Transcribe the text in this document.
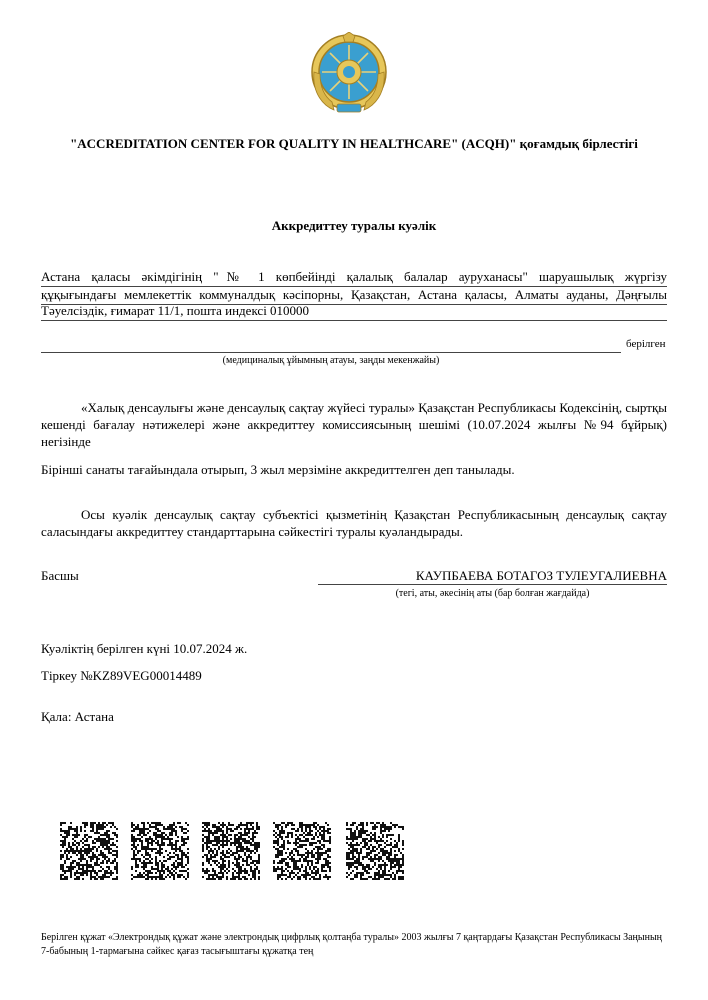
"ACCREDITATION CENTER FOR QUALITY IN HEALTHCARE" (ACQH)" қоғамдық бірлестігі
Аккредиттеу туралы куәлік
Астана қаласы әкімдігінің "№ 1 көпбейінді қалалық балалар ауруханасы" шаруашылық жүргізу
құқығындағы мемлекеттік коммуналдық кәсіпорны, Қазақстан, Астана қаласы, Алматы ауданы, Дәңғылы
Тәуелсіздік, ғимарат 11/1, пошта индексі 010000
берілген
(медициналық ұйымның атауы, заңды мекенжайы)
«Халық денсаулығы және денсаулық сақтау жүйесі туралы» Қазақстан Республикасы Кодексінің, сыртқы кешенді бағалау нәтижелері және аккредиттеу комиссиясының шешімі (10.07.2024 жылғы №94 бұйрық) негізінде
Бірінші санаты тағайындала отырып, 3 жыл мерзіміне аккредиттелген деп танылады.
Осы куәлік денсаулық сақтау субъектісі қызметінің Қазақстан Республикасының денсаулық сақтау саласындағы аккредиттеу стандарттарына сәйкестігі туралы куәландырады.
Басшы	КАУПБАЕВА БОТАГОЗ ТУЛЕУГАЛИЕВНА
(тегі, аты, әкесінің аты (бар болған жағдайда)
Куәліктің берілген күні 10.07.2024 ж.
Тіркеу №KZ89VEG00014489
Қала: Астана
Берілген құжат «Электрондық құжат және электрондық цифрлық қолтаңба туралы» 2003 жылғы 7 қаңтардағы Қазақстан Республикасы Заңының 7-бабының 1-тармағына сәйкес қағаз тасығыштағы құжатқа тең
